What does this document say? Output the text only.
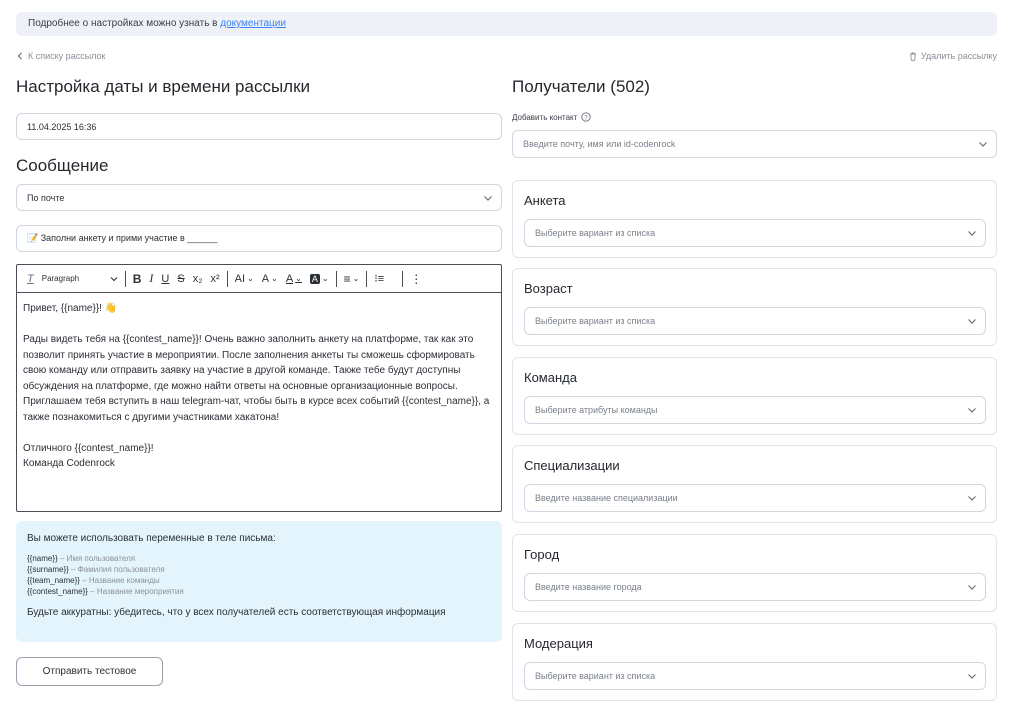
Подробнее о настройках можно узнать в документации
К списку рассылок	Удалить рассылку
Настройка даты и времени рассылки
11.04.2025 16:36
Сообщение
По почте
📝 Заполни анкету и прими участие в ______
T	Paragraph	B I U S x₂ x²	AI ⌄ A ⌄ A ⌄ A ⌄ ≡ ⌄	⁝≡	⋮

Привет, {{name}}! 👋

Рады видеть тебя на {{contest_name}}! Очень важно заполнить анкету на платформе, так как это позволит принять участие в мероприятии. После заполнения анкеты ты сможешь сформировать свою команду или отправить заявку на участие в другой команде. Также тебе будут доступны обсуждения на платформе, где можно найти ответы на основные организационные вопросы.

Приглашаем тебя вступить в наш telegram-чат, чтобы быть в курсе всех событий {{contest_name}}, а также познакомиться с другими участниками хакатона!

Отличного {{contest_name}}!

Команда Codenrock

Вы можете использовать переменные в теле письма:
{{name}} – Имя пользователя
{{surname}} – Фамилия пользователя
{{team_name}} – Название команды
{{contest_name}} – Название мероприятия
Будьте аккуратны: убедитесь, что у всех получателей есть соответствующая информация
Отправить тестовое
Получатели (502)
Добавить контакт ?
Введите почту, имя или id-codenrock
Анкета
Выберите вариант из списка
Возраст
Выберите вариант из списка
Команда
Выберите атрибуты команды
Специализации
Введите название специализации
Город
Введите название города
Модерация
Выберите вариант из списка
